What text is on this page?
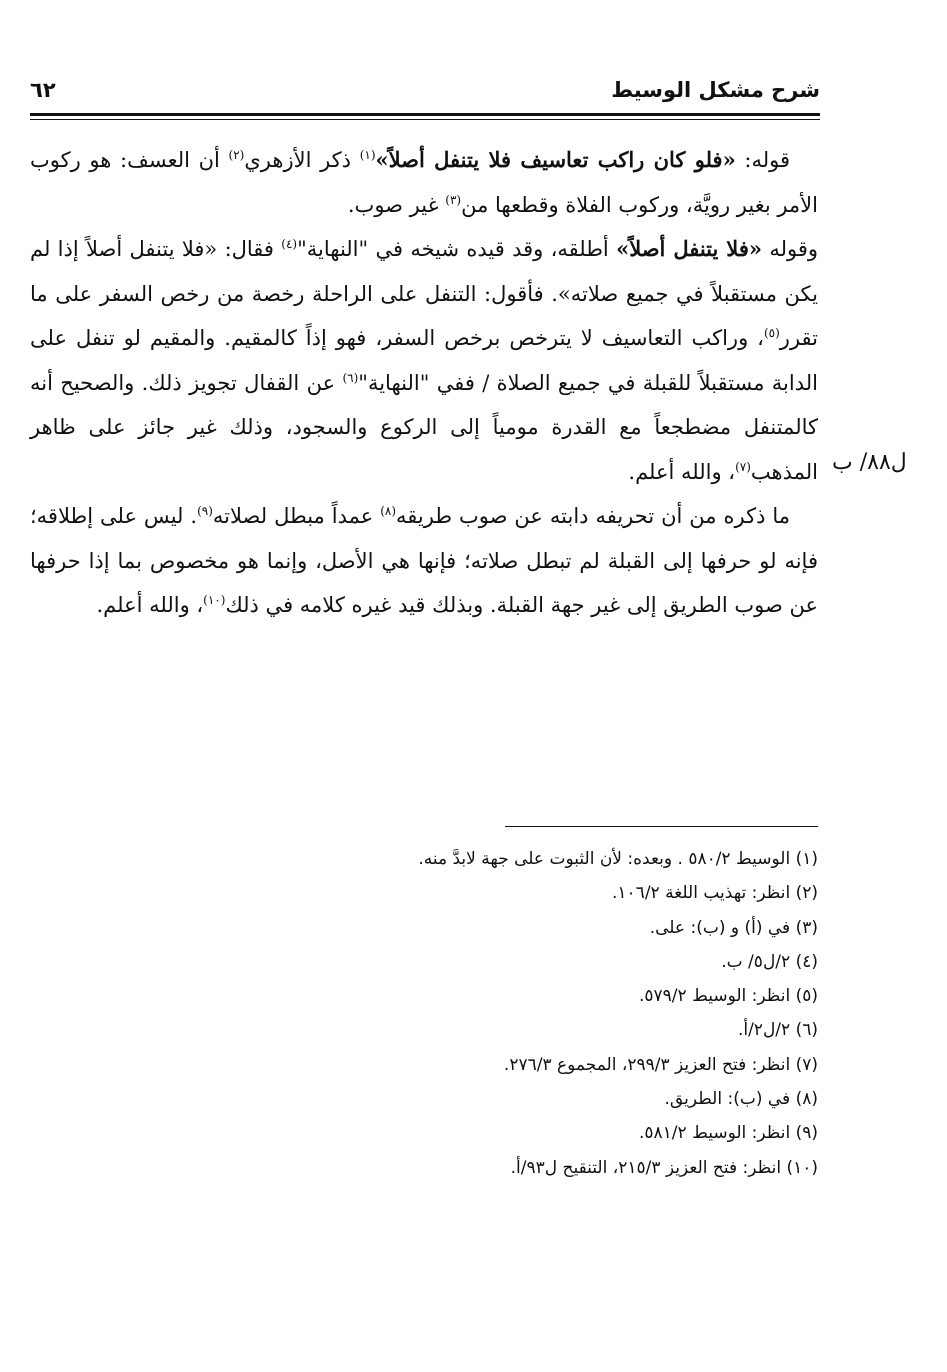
شرح مشكل الوسيط
٦٢
ل٨٨/ ب

قوله: «فلو كان راكب تعاسيف فلا يتنفل أصلاً»$^{(١)}$ ذكر الأزهري$^{(٢)}$ أن العسف: هو ركوب الأمر بغير رويَّة، وركوب الفلاة وقطعها من$^{(٣)}$ غير صوب.

وقوله «فلا يتنفل أصلاً» أطلقه، وقد قيده شيخه في "النهاية"$^{(٤)}$ فقال: «فلا يتنفل أصلاً إذا لم يكن مستقبلاً في جميع صلاته». فأقول: التنفل على الراحلة رخصة من رخص السفر على ما تقرر$^{(٥)}$، وراكب التعاسيف لا يترخص برخص السفر، فهو إذاً كالمقيم. والمقيم لو تنفل على الدابة مستقبلاً للقبلة في جميع الصلاة / ففي "النهاية"$^{(٦)}$ عن القفال تجويز ذلك. والصحيح أنه كالمتنفل مضطجعاً مع القدرة مومياً إلى الركوع والسجود، وذلك غير جائز على ظاهر المذهب$^{(٧)}$، والله أعلم.

ما ذكره من أن تحريفه دابته عن صوب طريقه$^{(٨)}$ عمداً مبطل لصلاته$^{(٩)}$. ليس على إطلاقه؛ فإنه لو حرفها إلى القبلة لم تبطل صلاته؛ فإنها هي الأصل، وإنما هو مخصوص بما إذا حرفها عن صوب الطريق إلى غير جهة القبلة. وبذلك قيد غيره كلامه في ذلك$^{(١٠)}$، والله أعلم.

(١) الوسيط ٥٨٠/٢ . وبعده: لأن الثبوت على جهة لابدَّ منه.

(٢) انظر: تهذيب اللغة ١٠٦/٢.

(٣) في (أ) و (ب): على.

(٤) ٢/ل٥/ ب.

(٥) انظر: الوسيط ٥٧٩/٢.

(٦) ٢/ل٢/أ.

(٧) انظر: فتح العزيز ٢٩٩/٣، المجموع ٢٧٦/٣.

(٨) في (ب): الطريق.

(٩) انظر: الوسيط ٥٨١/٢.

(١٠) انظر: فتح العزيز ٢١٥/٣، التنقيح ل٩٣/أ.
